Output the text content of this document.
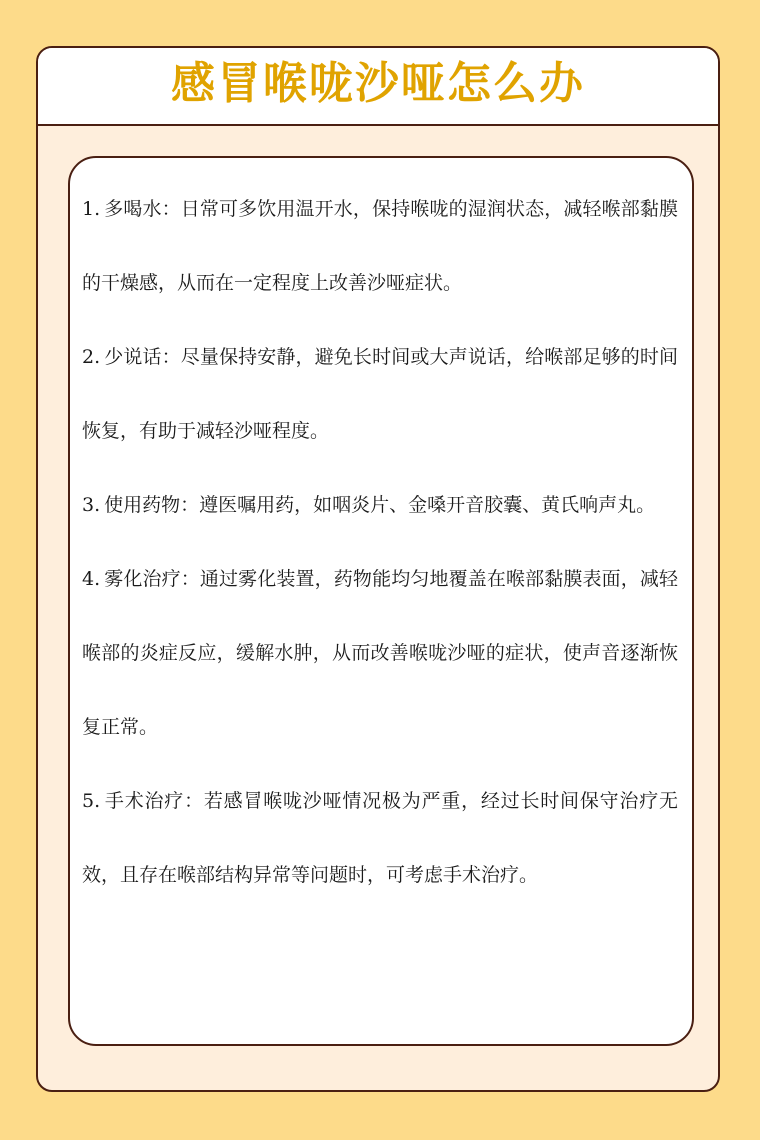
感冒喉咙沙哑怎么办

1. 多喝水：日常可多饮用温开水，保持喉咙的湿润状态，减轻喉部黏膜的干燥感，从而在一定程度上改善沙哑症状。

2. 少说话：尽量保持安静，避免长时间或大声说话，给喉部足够的时间恢复，有助于减轻沙哑程度。

3. 使用药物：遵医嘱用药，如咽炎片、金嗓开音胶囊、黄氏响声丸。

4. 雾化治疗：通过雾化装置，药物能均匀地覆盖在喉部黏膜表面，减轻喉部的炎症反应，缓解水肿，从而改善喉咙沙哑的症状，使声音逐渐恢复正常。

5. 手术治疗：若感冒喉咙沙哑情况极为严重，经过长时间保守治疗无效，且存在喉部结构异常等问题时，可考虑手术治疗。
